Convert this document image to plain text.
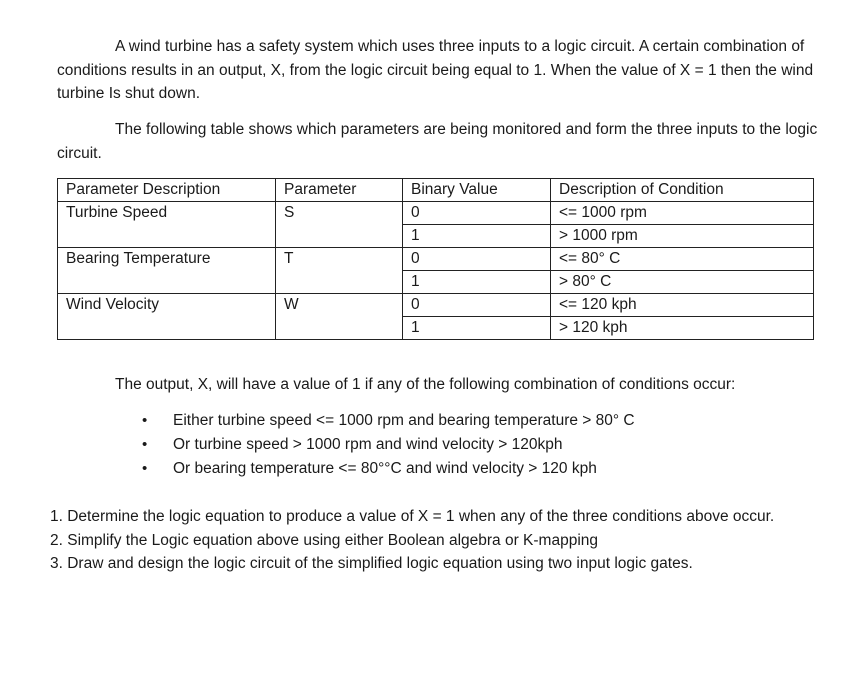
A wind turbine has a safety system which uses three inputs to a logic circuit. A certain combination of conditions results in an output, X, from the logic circuit being equal to 1. When the value of X = 1 then the wind turbine Is shut down.

The following table shows which parameters are being monitored and form the three inputs to the logic circuit.

Parameter Description	Parameter	Binary Value	Description of Condition
Turbine Speed	S	0	<= 1000 rpm
		1	> 1000 rpm
Bearing Temperature	T	0	<= 80° C
		1	> 80° C
Wind Velocity	W	0	<= 120 kph
		1	> 120 kph

The output, X, will have a value of 1 if any of the following combination of conditions occur:

• Either turbine speed <= 1000 rpm and bearing temperature > 80° C
• Or turbine speed > 1000 rpm and wind velocity > 120kph
• Or bearing temperature <= 80°°C and wind velocity > 120 kph
1. Determine the logic equation to produce a value of X = 1 when any of the three conditions above occur.
2. Simplify the Logic equation above using either Boolean algebra or K-mapping
3. Draw and design the logic circuit of the simplified logic equation using two input logic gates.
